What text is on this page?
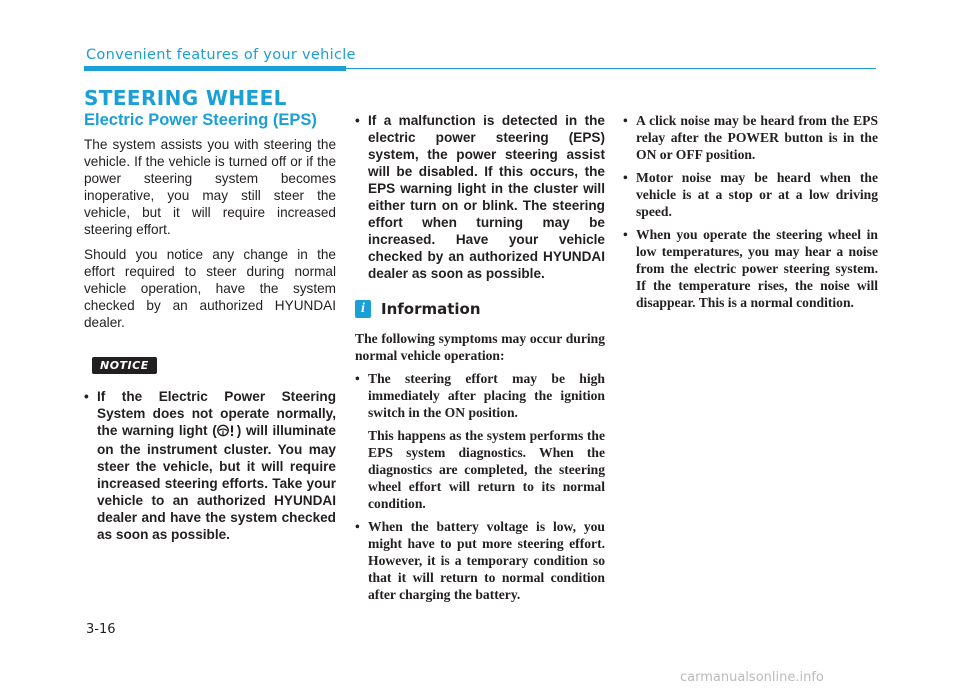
Convenient features of your vehicle
STEERING WHEEL
Electric Power Steering (EPS)

The system assists you with steering the vehicle. If the vehicle is turned off or if the power steering system becomes inoperative, you may still steer the vehicle, but it will require increased steering effort.

Should you notice any change in the effort required to steer during normal vehicle operation, have the system checked by an authorized HYUNDAI dealer.

NOTICE
• If the Electric Power Steering System does not operate normally, the warning light ( ) will illuminate on the instrument cluster. You may steer the vehicle, but it will require increased steering efforts. Take your vehicle to an authorized HYUNDAI dealer and have the system checked as soon as possible.
• If a malfunction is detected in the electric power steering (EPS) system, the power steering assist will be disabled. If this occurs, the EPS warning light in the cluster will either turn on or blink. The steering effort when turning may be increased. Have your vehicle checked by an authorized HYUNDAI dealer as soon as possible.
i	Information

The following symptoms may occur during normal vehicle operation:

• The steering effort may be high immediately after placing the ignition switch in the ON position.

This happens as the system performs the EPS system diagnostics. When the diagnostics are completed, the steering wheel effort will return to its normal condition.

• When the battery voltage is low, you might have to put more steering effort. However, it is a temporary condition so that it will return to normal condition after charging the battery.
• A click noise may be heard from the EPS relay after the POWER button is in the ON or OFF position.
• Motor noise may be heard when the vehicle is at a stop or at a low driving speed.
• When you operate the steering wheel in low temperatures, you may hear a noise from the electric power steering system. If the temperature rises, the noise will disappear. This is a normal condition.
3-16
carmanualsonline.info
